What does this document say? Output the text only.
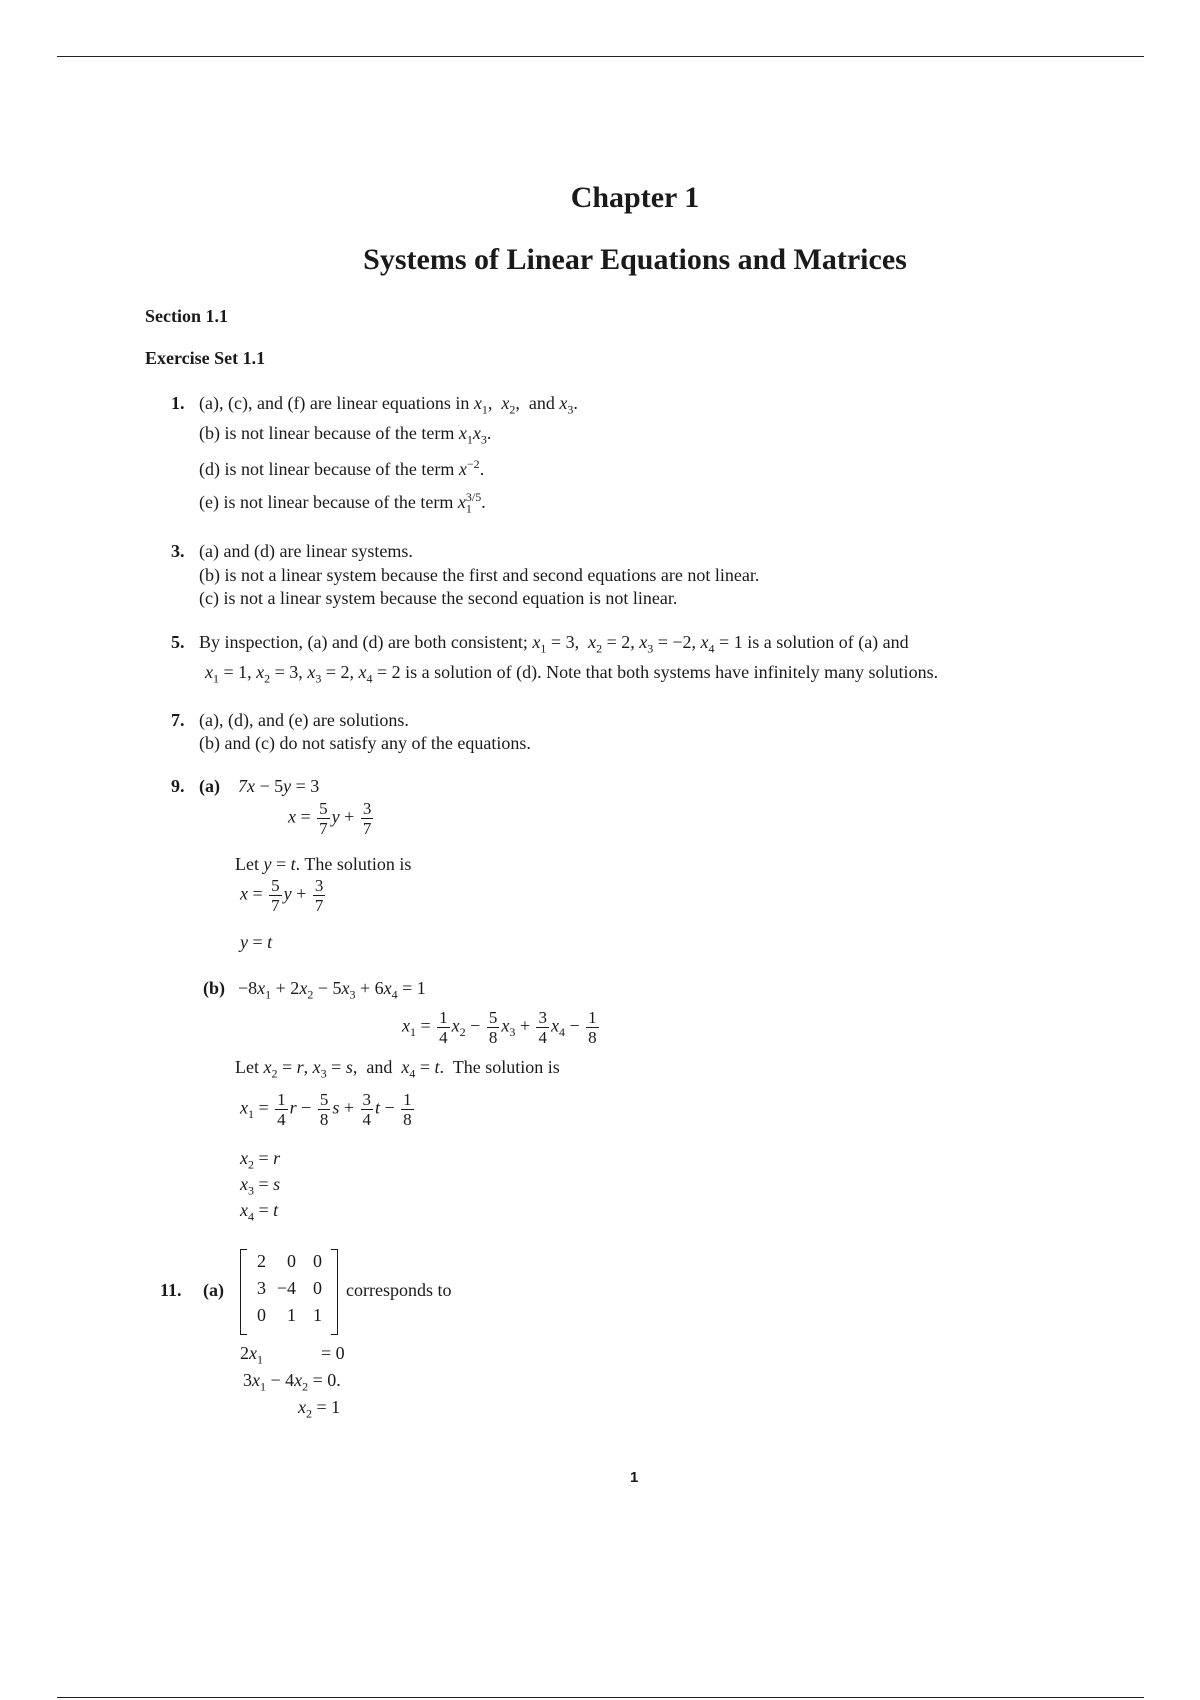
Chapter 1
Systems of Linear Equations and Matrices
Section 1.1
Exercise Set 1.1
1. (a), (c), and (f) are linear equations in $x_1$,  $x_2$,  and $x_3$.
(b) is not linear because of the term $x_1x_3$.
(d) is not linear because of the term $x^{-2}$.
(e) is not linear because of the term $x_1^{3/5}$.
3. (a) and (d) are linear systems.
(b) is not a linear system because the first and second equations are not linear.
(c) is not a linear system because the second equation is not linear.
5. By inspection, (a) and (d) are both consistent; $x_1 = 3$,  $x_2 = 2$, $x_3 = -2$, $x_4 = 1$ is a solution of (a) and
$x_1 = 1$, $x_2 = 3$, $x_3 = 2$, $x_4 = 2$ is a solution of (d). Note that both systems have infinitely many solutions.
7. (a), (d), and (e) are solutions.
(b) and (c) do not satisfy any of the equations.
9. (a) 7x − 5y = 3
$x = \frac{5}{7}$ $y + \frac{3}{7}$
Let y = t. The solution is
$x = \frac{5}{7}$ $y + \frac{3}{7}$
y = t
$(b) -8x_1 + 2x_2 - 5x_3 + 6x_4 = 1$
$x_1 = \frac{1}{4} x_2 - \frac{5}{8} x_3 + \frac{3}{4} x_4 - \frac{1}{8}$
Let $x_2 = r$, $x_3 = s$,  and $x_4 = t$.  The solution is
$x_1 = \frac{1}{4}$ $r - \frac{5}{8}$ $s + \frac{3}{4}$ $t - \frac{1}{8}$
$x_2 = r$
$x_3 = s$
$x_4 = t$
11. (a)
2	0 0
3 −4 0
0	1 1
corresponds to
$2x_1$	= 0
$3x_1 - 4x_2 = 0$.
$x_2 = 1$
1
